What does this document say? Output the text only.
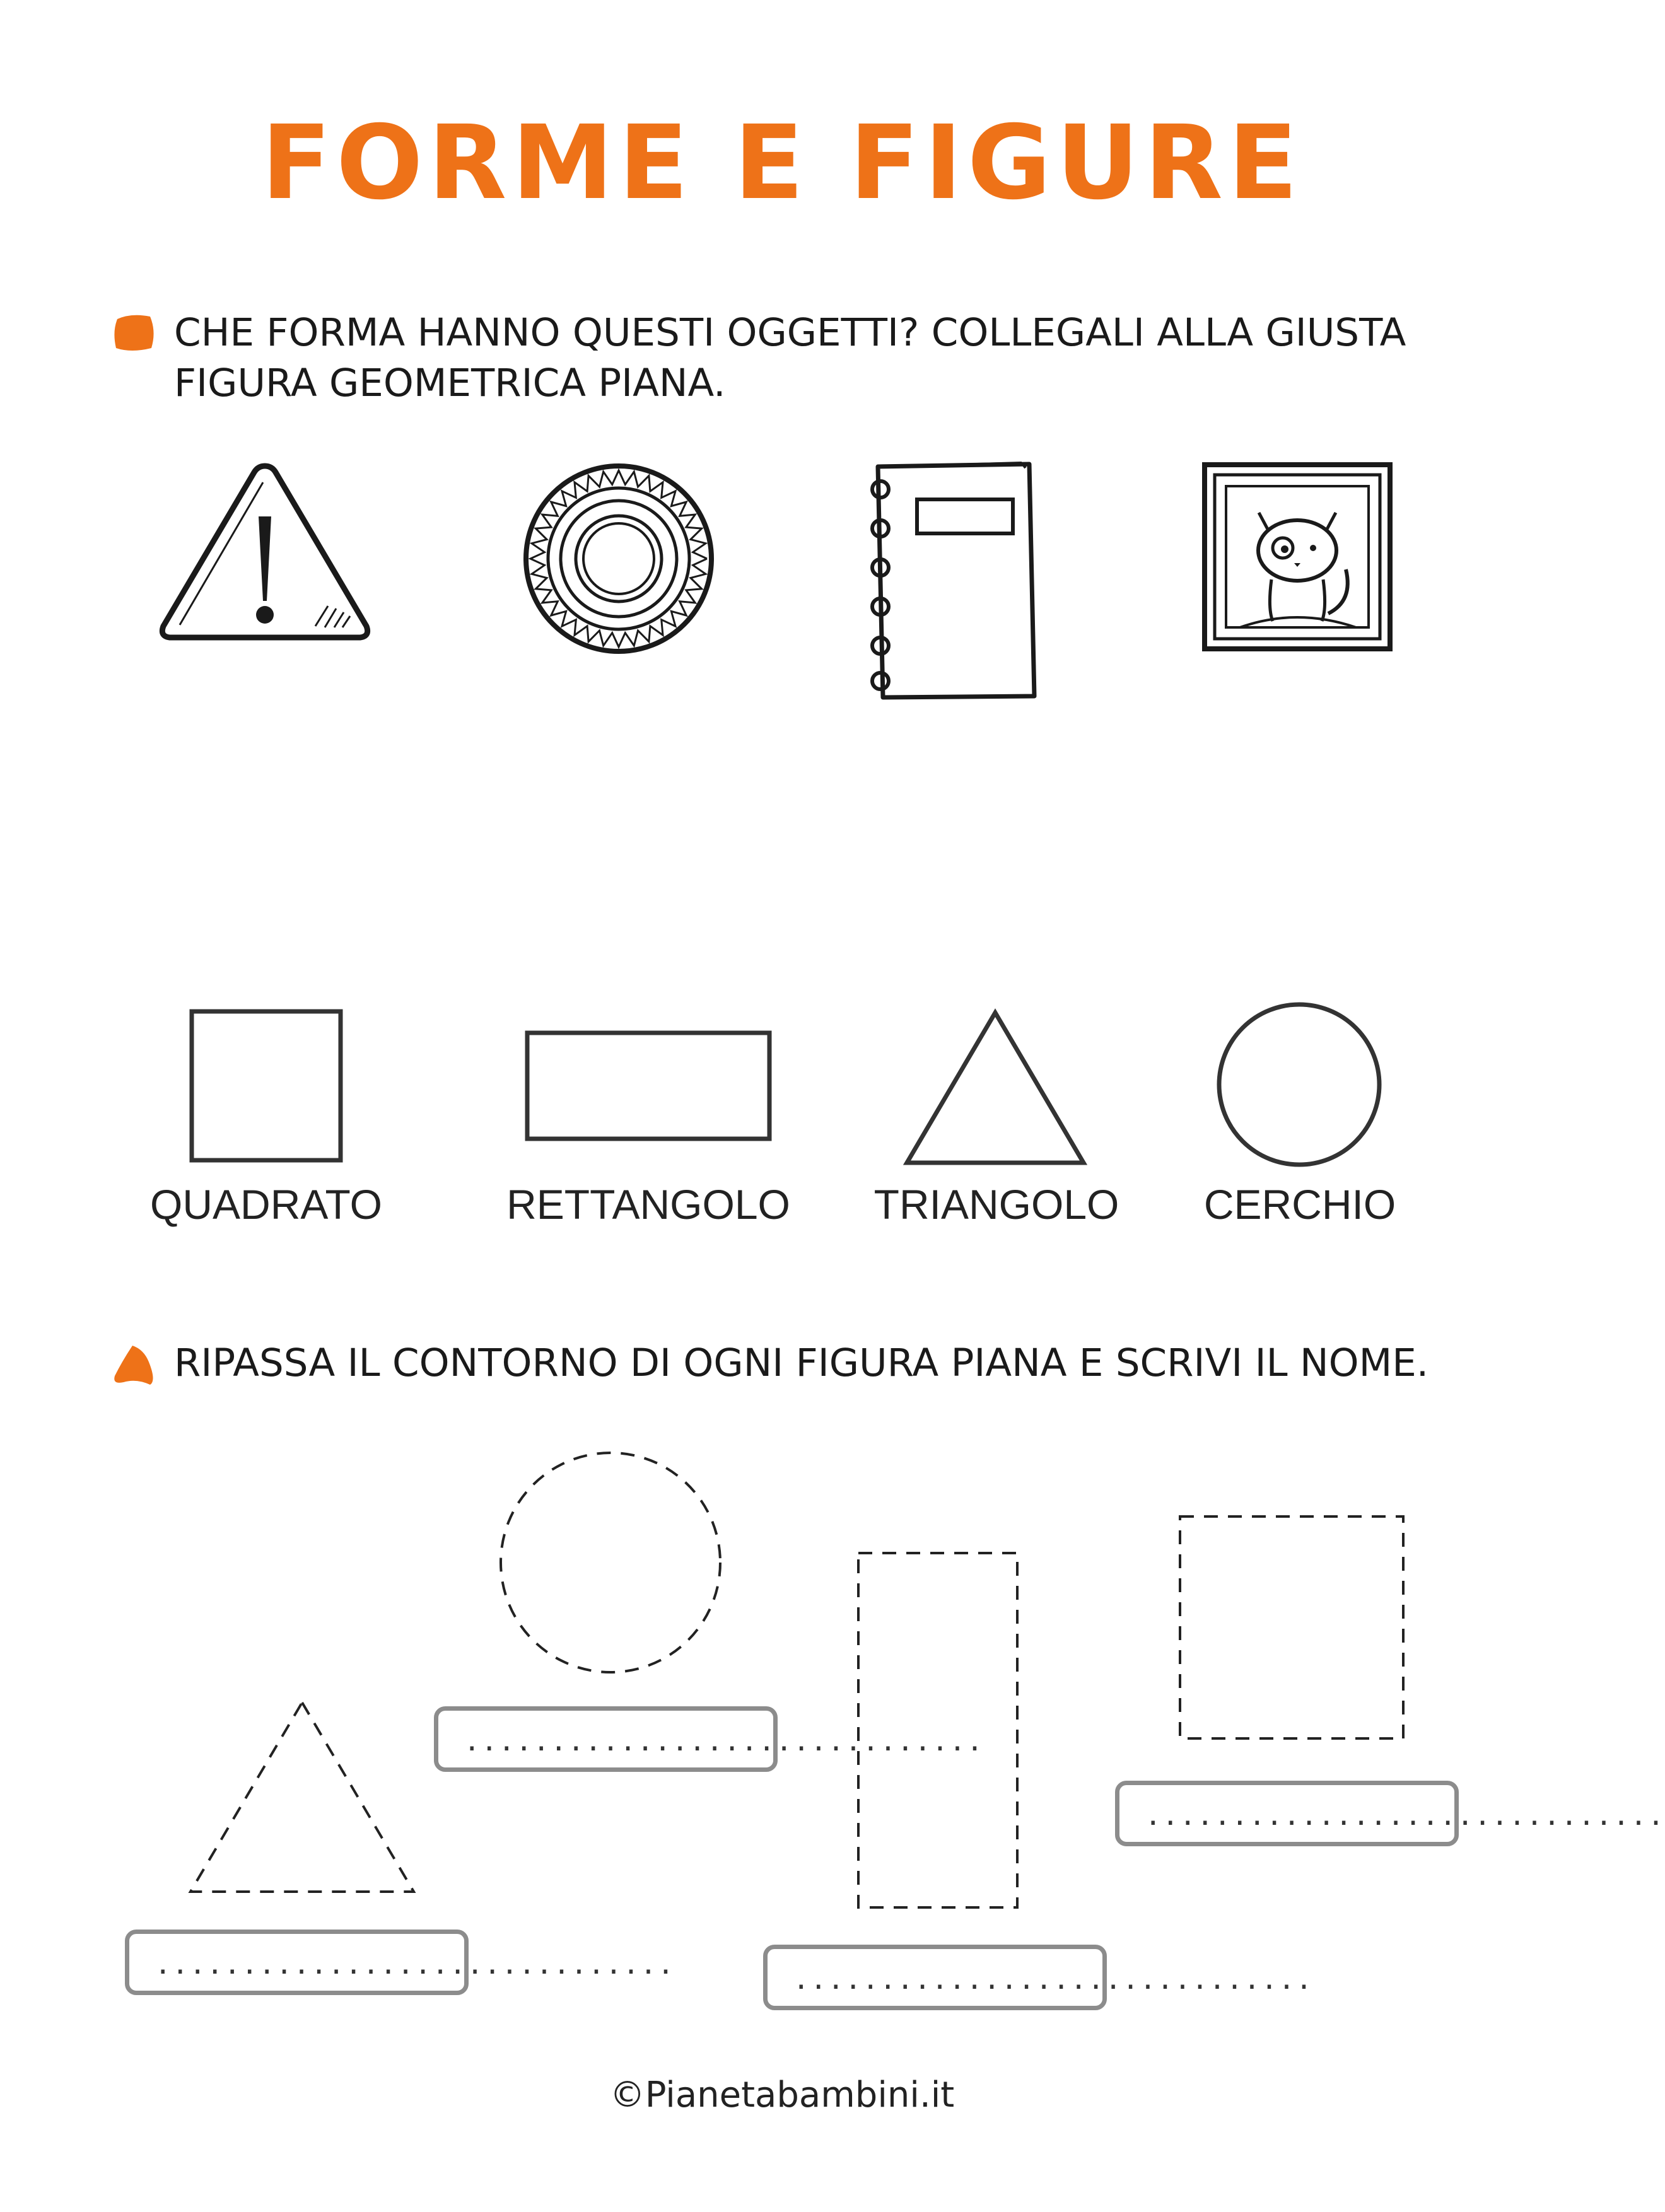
FORME E FIGURE
CHE FORMA HANNO QUESTI OGGETTI? COLLEGALI ALLA GIUSTA
FIGURA GEOMETRICA PIANA.
QUADRATO	RETTANGOLO	TRIANGOLO	CERCHIO
RIPASSA IL CONTORNO DI OGNI FIGURA PIANA E SCRIVI IL NOME.
..............................
..............................
..............................
..............................
©Pianetabambini.it
